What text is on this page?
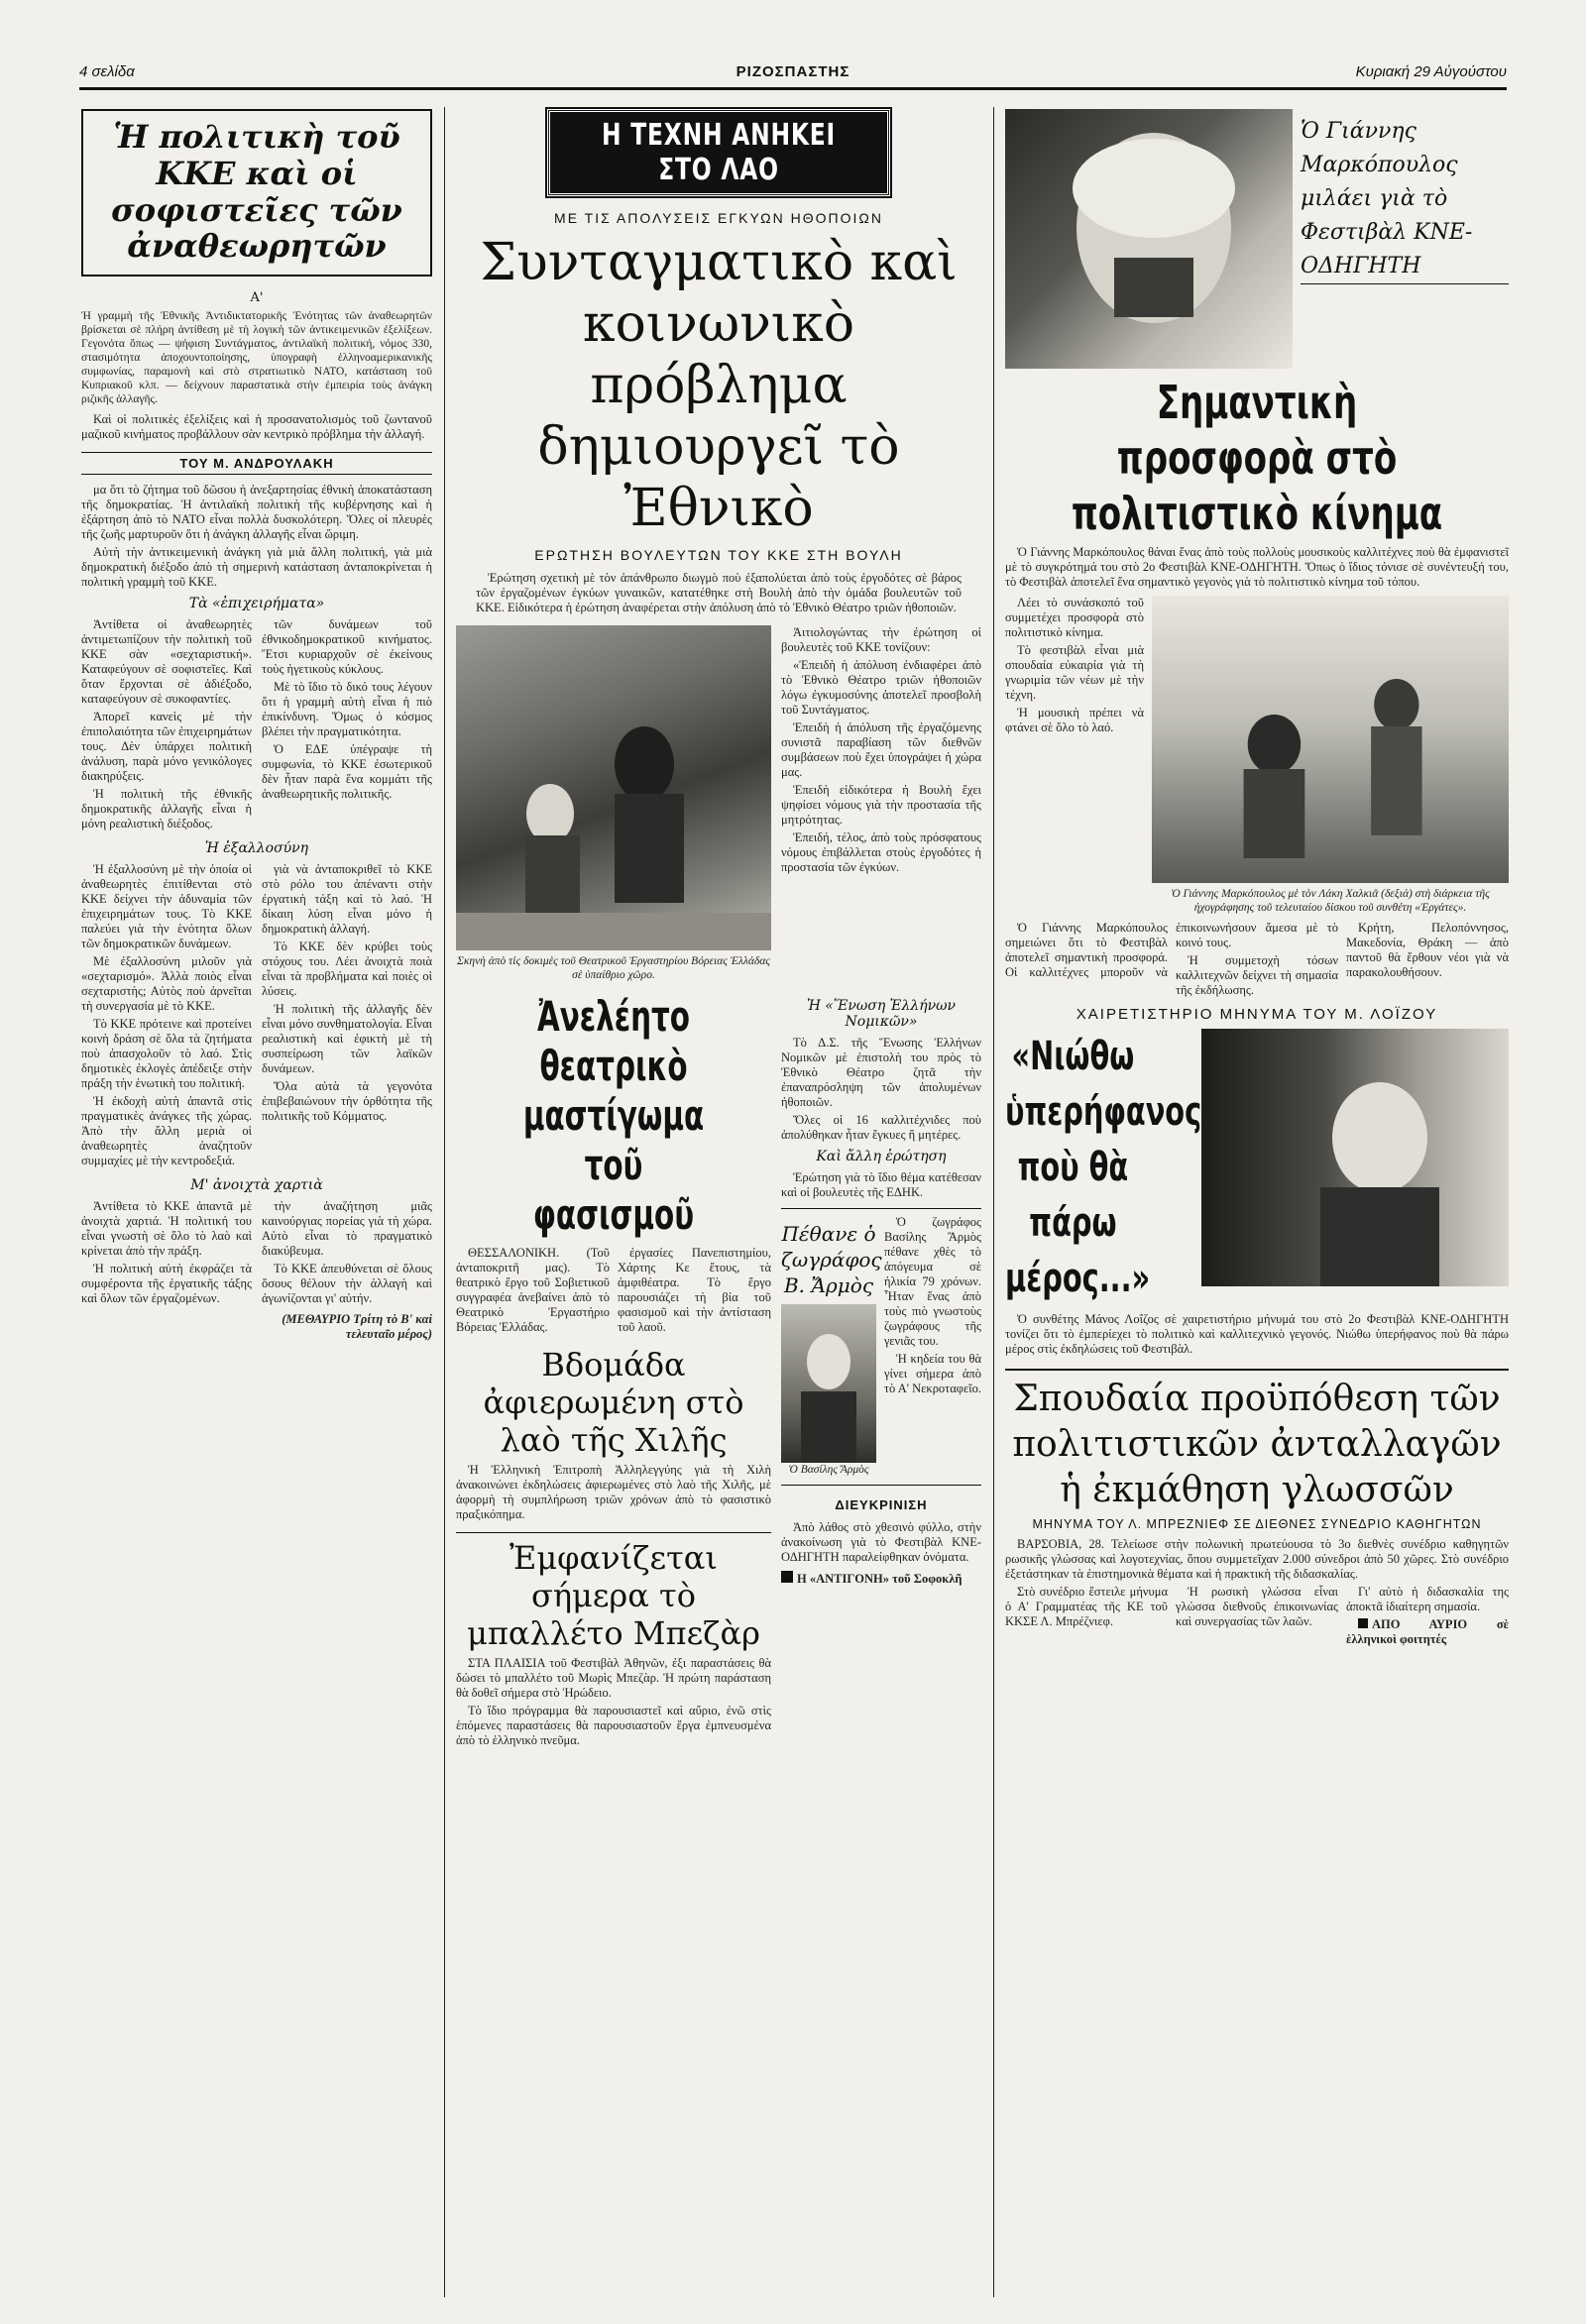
4 σελίδα	ΡΙΖΟΣΠΑΣΤΗΣ	Κυριακή 29 Αὐγούστου
Ἡ πολιτικὴ τοῦ ΚΚΕ καὶ οἱ σοφιστεῖες τῶν ἀναθεωρητῶν
Α'
Ἡ γραμμὴ τῆς Ἐθνικῆς Ἀντιδικτατορικῆς Ἑνότητας τῶν ἀναθεωρητῶν βρίσκεται σὲ πλήρη ἀντίθεση μὲ τὴ λογικὴ τῶν ἀντικειμενικῶν ἐξελίξεων. Γεγονότα ὅπως — ψήφιση Συντάγματος, ἀντιλαϊκή πολιτική, νόμος 330, στασιμότητα ἀποχουντοποίησης, ὑπογραφὴ ἑλληνοαμερικανικῆς συμφωνίας, παραμονὴ καὶ στὸ στρατιωτικὸ ΝΑΤΟ, κατάσταση τοῦ Κυπριακοῦ κλπ. — δείχνουν παραστατικὰ στὴν ἐμπειρία τοὺς ἀνάγκη ριζικῆς ἀλλαγῆς.

Καὶ οἱ πολιτικὲς ἐξελίξεις καὶ ἡ προσανατολισμὸς τοῦ ζωντανοῦ μαζικοῦ κινήματος προβάλλουν σὰν κεντρικὸ πρόβλημα τὴν ἀλλαγή.

ΤΟΥ Μ. ΑΝΔΡΟΥΛΑΚΗ

μα ὅτι τὸ ζήτημα τοῦ δῶσου ἡ ἀνεξαρτησίας ἐθνικὴ ἀποκατάσταση τῆς δημοκρατίας. Ἡ ἀντιλαϊκὴ πολιτικὴ τῆς κυβέρνησης καὶ ἡ ἐξάρτηση ἀπὸ τὸ ΝΑΤΟ εἶναι πολλὰ δυσκολότερη. Ὅλες οἱ πλευρὲς τῆς ζωῆς μαρτυροῦν ὅτι ἡ ἀνάγκη ἀλλαγῆς εἶναι ὥριμη.

Αὐτὴ τὴν ἀντικειμενικὴ ἀνάγκη γιὰ μιὰ ἄλλη πολιτική, γιὰ μιὰ δημοκρατικὴ διέξοδο ἀπὸ τὴ σημερινὴ κατάσταση ἀνταποκρίνεται ἡ πολιτικὴ γραμμὴ τοῦ ΚΚΕ.

Τὰ «ἐπιχειρήματα»

Ἀντίθετα οἱ ἀναθεωρητὲς ἀντιμετωπίζουν τὴν πολιτικὴ τοῦ ΚΚΕ σὰν «σεχταριστική». Καταφεύγουν σὲ σοφιστεῖες. Καὶ ὅταν ἔρχονται σὲ ἀδιέξοδο, καταφεύγουν σὲ συκοφαντίες.

Ἀπορεῖ κανεὶς μὲ τὴν ἐπιπολαιότητα τῶν ἐπιχειρημάτων τους. Δὲν ὑπάρχει πολιτικὴ ἀνάλυση, παρὰ μόνο γενικόλογες διακηρύξεις.

Ἡ πολιτικὴ τῆς ἐθνικῆς δημοκρατικῆς ἀλλαγῆς εἶναι ἡ μόνη ρεαλιστικὴ διέξοδος.

τῶν δυνάμεων τοῦ ἐθνικοδημοκρατικοῦ κινήματος. Ἔτσι κυριαρχοῦν σὲ ἐκείνους τοὺς ἡγετικοὺς κύκλους.

Μὲ τὸ ἴδιο τὸ δικό τους λέγουν ὅτι ἡ γραμμὴ αὐτὴ εἶναι ἡ πιὸ ἐπικίνδυνη. Ὅμως ὁ κόσμος βλέπει τὴν πραγματικότητα.

Ὁ ΕΔΕ ὑπέγραψε τὴ συμφωνία, τὸ ΚΚΕ ἐσωτερικοῦ δὲν ἦταν παρὰ ἕνα κομμάτι τῆς ἀναθεωρητικῆς πολιτικῆς.

Ἡ ἐξαλλοσύνη

Ἡ ἐξαλλοσύνη μὲ τὴν ὁποία οἱ ἀναθεωρητὲς ἐπιτίθενται στὸ ΚΚΕ δείχνει τὴν ἀδυναμία τῶν ἐπιχειρημάτων τους. Τὸ ΚΚΕ παλεύει γιὰ τὴν ἑνότητα ὅλων τῶν δημοκρατικῶν δυνάμεων.

Μὲ ἐξαλλοσύνη μιλοῦν γιὰ «σεχταρισμό». Ἀλλὰ ποιὸς εἶναι σεχταριστὴς; Αὐτὸς ποὺ ἀρνεῖται τὴ συνεργασία μὲ τὸ ΚΚΕ.

Τὸ ΚΚΕ πρότεινε καὶ προτείνει κοινὴ δράση σὲ ὅλα τὰ ζητήματα ποὺ ἀπασχολοῦν τὸ λαό. Στὶς δημοτικὲς ἐκλογὲς ἀπέδειξε στὴν πράξη τὴν ἑνωτικὴ του πολιτική.

Ἡ ἐκδοχὴ αὐτὴ ἀπαντᾶ στὶς πραγματικὲς ἀνάγκες τῆς χώρας. Ἀπὸ τὴν ἄλλη μεριὰ οἱ ἀναθεωρητὲς ἀναζητοῦν συμμαχίες μὲ τὴν κεντροδεξιά.

γιὰ νὰ ἀνταποκριθεῖ τὸ ΚΚΕ στὸ ρόλο του ἀπέναντι στὴν ἐργατικὴ τάξη καὶ τὸ λαό. Ἡ δίκαιη λύση εἶναι μόνο ἡ δημοκρατικὴ ἀλλαγή.

Τὸ ΚΚΕ δὲν κρύβει τοὺς στόχους του. Λέει ἀνοιχτὰ ποιὰ εἶναι τὰ προβλήματα καὶ ποιὲς οἱ λύσεις.

Ἡ πολιτικὴ τῆς ἀλλαγῆς δὲν εἶναι μόνο συνθηματολογία. Εἶναι ρεαλιστικὴ καὶ ἐφικτὴ μὲ τὴ συσπείρωση τῶν λαϊκῶν δυνάμεων.

Ὅλα αὐτὰ τὰ γεγονότα ἐπιβεβαιώνουν τὴν ὀρθότητα τῆς πολιτικῆς τοῦ Κόμματος.

Μ' ἀνοιχτὰ χαρτιὰ

Ἀντίθετα τὸ ΚΚΕ ἀπαντᾶ μὲ ἀνοιχτὰ χαρτιά. Ἡ πολιτική του εἶναι γνωστὴ σὲ ὅλο τὸ λαὸ καὶ κρίνεται ἀπὸ τὴν πράξη.

Ἡ πολιτικὴ αὐτὴ ἐκφράζει τὰ συμφέροντα τῆς ἐργατικῆς τάξης καὶ ὅλων τῶν ἐργαζομένων.

τὴν ἀναζήτηση μιᾶς καινούργιας πορείας γιὰ τὴ χώρα. Αὐτὸ εἶναι τὸ πραγματικὸ διακύβευμα.

Τὸ ΚΚΕ ἀπευθύνεται σὲ ὅλους ὅσους θέλουν τὴν ἀλλαγὴ καὶ ἀγωνίζονται γι' αὐτήν.

(ΜΕΘΑΥΡΙΟ Τρίτη τὸ Β' καὶ τελευταῖο μέρος)
Η ΤΕΧΝΗ ΑΝΗΚΕΙ ΣΤΟ ΛΑΟ
ΜΕ ΤΙΣ ΑΠΟΛΥΣΕΙΣ ΕΓΚΥΩΝ ΗΘΟΠΟΙΩΝ
Συνταγματικὸ καὶ κοινωνικὸ πρόβλημα δημιουργεῖ τὸ Ἐθνικὸ
ΕΡΩΤΗΣΗ ΒΟΥΛΕΥΤΩΝ ΤΟΥ ΚΚΕ ΣΤΗ ΒΟΥΛΗ

Ἐρώτηση σχετικὴ μὲ τὸν ἀπάνθρωπο διωγμὸ ποὺ ἐξαπολύεται ἀπὸ τοὺς ἐργοδότες σὲ βάρος τῶν ἐργαζομένων ἐγκύων γυναικῶν, κατατέθηκε στὴ Βουλὴ ἀπὸ τὴν ὁμάδα βουλευτῶν τοῦ ΚΚΕ. Εἰδικότερα ἡ ἐρώτηση ἀναφέρεται στὴν ἀπόλυση ἀπὸ τὸ Ἐθνικὸ Θέατρο τριῶν ἠθοποιῶν.

Σκηνὴ ἀπὸ τὶς δοκιμὲς τοῦ Θεατρικοῦ Ἐργαστηρίου Βόρειας Ἑλλάδας σὲ ὑπαίθριο χῶρο.

Ἀιτιολογώντας τὴν ἐρώτηση οἱ βουλευτὲς τοῦ ΚΚΕ τονίζουν:

«Ἐπειδὴ ἡ ἀπόλυση ἐνδιαφέρει ἀπὸ τὸ Ἐθνικὸ Θέατρο τριῶν ἠθοποιῶν λόγω ἐγκυμοσύνης ἀποτελεῖ προσβολὴ τοῦ Συντάγματος.

Ἐπειδὴ ἡ ἀπόλυση τῆς ἐργαζόμενης συνιστᾶ παραβίαση τῶν διεθνῶν συμβάσεων ποὺ ἔχει ὑπογράψει ἡ χώρα μας.

Ἐπειδὴ εἰδικότερα ἡ Βουλὴ ἔχει ψηφίσει νόμους γιὰ τὴν προστασία τῆς μητρότητας.

Ἐπειδή, τέλος, ἀπὸ τοὺς πρόσφατους νόμους ἐπιβάλλεται στοὺς ἐργοδότες ἡ προστασία τῶν ἐγκύων.

Ἀνελέητο θεατρικὸ μαστίγωμα τοῦ φασισμοῦ

ΘΕΣΣΑΛΟΝΙΚΗ. (Τοῦ ἀνταποκριτῆ μας). Τὸ θεατρικὸ ἔργο τοῦ Σοβιετικοῦ συγγραφέα ἀνεβαίνει ἀπὸ τὸ Θεατρικὸ Ἐργαστήριο Βόρειας Ἑλλάδας.

ἐργασίες Πανεπιστημίου, Χάρτης Κε ἔτους, τὰ ἀμφιθέατρα. Τὸ ἔργο παρουσιάζει τὴ βία τοῦ φασισμοῦ καὶ τὴν ἀντίσταση τοῦ λαοῦ.

Βδομάδα ἀφιερωμένη στὸ λαὸ τῆς Χιλῆς

Ἡ Ἑλληνικὴ Ἐπιτροπὴ Ἀλληλεγγύης γιὰ τὴ Χιλὴ ἀνακοινώνει ἐκδηλώσεις ἀφιερωμένες στὸ λαὸ τῆς Χιλῆς, μὲ ἀφορμὴ τὴ συμπλήρωση τριῶν χρόνων ἀπὸ τὸ φασιστικὸ πραξικόπημα.

Ἐμφανίζεται σήμερα τὸ μπαλλέτο Μπεζὰρ

ΣΤΑ ΠΛΑΙΣΙΑ τοῦ Φεστιβὰλ Ἀθηνῶν, ἐξι παραστάσεις θὰ δώσει τὸ μπαλλέτο τοῦ Μωρὶς Μπεζὰρ. Ἡ πρώτη παράσταση θὰ δοθεῖ σήμερα στὸ Ἡρώδειο.

Τὸ ἴδιο πρόγραμμα θὰ παρουσιαστεῖ καὶ αὔριο, ἐνῶ στὶς ἑπόμενες παραστάσεις θὰ παρουσιαστοῦν ἔργα ἐμπνευσμένα ἀπὸ τὸ ἑλληνικὸ πνεῦμα.

Ἡ «Ἕνωση Ἑλλήνων Νομικῶν»

Τὸ Δ.Σ. τῆς Ἕνωσης Ἑλλήνων Νομικῶν μὲ ἐπιστολὴ του πρὸς τὸ Ἐθνικὸ Θέατρο ζητᾶ τὴν ἐπαναπρόσληψη τῶν ἀπολυμένων ἠθοποιῶν.

Ὅλες οἱ 16 καλλιτέχνιδες ποὺ ἀπολύθηκαν ἦταν ἔγκυες ἢ μητέρες.

Καὶ ἄλλη ἐρώτηση

Ἐρώτηση γιὰ τὸ ἴδιο θέμα κατέθεσαν καὶ οἱ βουλευτὲς τῆς ΕΔΗΚ.

Πέθανε ὁ ζωγράφος Β. Ἄρμὸς
Ὁ Βασίλης Ἄρμὸς

Ὁ ζωγράφος Βασίλης Ἄρμὸς πέθανε χθὲς τὸ ἀπόγευμα σὲ ἡλικία 79 χρόνων. Ἦταν ἕνας ἀπὸ τοὺς πιὸ γνωστοὺς ζωγράφους τῆς γενιᾶς του.

Ἡ κηδεία του θὰ γίνει σήμερα ἀπὸ τὸ Α' Νεκροταφεῖο.

ΔΙΕΥΚΡΙΝΙΣΗ

Ἀπὸ λάθος στὸ χθεσινὸ φύλλο, στὴν ἀνακοίνωση γιὰ τὸ Φεστιβὰλ ΚΝΕ-ΟΔΗΓΗΤΗ παραλείφθηκαν ὀνόματα.

Η «ΑΝΤΙΓΟΝΗ» τοῦ Σοφοκλῆ
Ὁ Γιάννης Μαρκόπουλος μιλάει γιὰ τὸ Φεστιβὰλ ΚΝΕ-ΟΔΗΓΗΤΗ
Σημαντικὴ προσφορὰ στὸ πολιτιστικὸ κίνημα

Ὁ Γιάννης Μαρκόπουλος θάναι ἕνας ἀπὸ τοὺς πολλοὺς μουσικοὺς καλλιτέχνες ποὺ θὰ ἐμφανιστεῖ μὲ τὸ συγκρότημά του στὸ 2ο Φεστιβὰλ ΚΝΕ-ΟΔΗΓΗΤΗ. Ὅπως ὁ ἴδιος τόνισε σὲ συνέντευξή του, τὸ Φεστιβὰλ ἀποτελεῖ ἕνα σημαντικὸ γεγονὸς γιὰ τὸ πολιτιστικὸ κίνημα τοῦ τόπου.

Λέει τὸ συνάσκοπό τοῦ συμμετέχει προσφορὰ στὸ πολιτιστικὸ κίνημα.

Τὸ φεστιβὰλ εἶναι μιὰ σπουδαία εὐκαιρία γιὰ τὴ γνωριμία τῶν νέων μὲ τὴν τέχνη.

Ἡ μουσικὴ πρέπει νὰ φτάνει σὲ ὅλο τὸ λαό.

Ὁ Γιάννης Μαρκόπουλος μὲ τὸν Λάκη Χαλκιᾶ (δεξιά) στὴ διάρκεια τῆς ἠχογράφησης τοῦ τελευταίου δίσκου τοῦ συνθέτη «Ἐργάτες».

Ὁ Γιάννης Μαρκόπουλος σημειώνει ὅτι τὸ Φεστιβὰλ ἀποτελεῖ σημαντικὴ προσφορά. Οἱ καλλιτέχνες μποροῦν νὰ ἐπικοινωνήσουν ἄμεσα μὲ τὸ κοινό τους.

Ἡ συμμετοχὴ τόσων καλλιτεχνῶν δείχνει τὴ σημασία τῆς ἐκδήλωσης.

Κρήτη, Πελοπόννησος, Μακεδονία, Θράκη — ἀπὸ παντοῦ θὰ ἔρθουν νέοι γιὰ νὰ παρακολουθήσουν.

ΧΑΙΡΕΤΙΣΤΗΡΙΟ ΜΗΝΥΜΑ ΤΟΥ Μ. ΛΟΪΖΟΥ
«Νιώθω ὑπερήφανος ποὺ θὰ πάρω μέρος...»

Ὁ συνθέτης Μάνος Λοΐζος σὲ χαιρετιστήριο μήνυμά του στὸ 2ο Φεστιβὰλ ΚΝΕ-ΟΔΗΓΗΤΗ τονίζει ὅτι τὸ ἐμπερίεχει τὸ πολιτικὸ καὶ καλλιτεχνικὸ γεγονός. Νιώθω ὑπερήφανος ποὺ θὰ πάρω μέρος στὶς ἐκδηλώσεις τοῦ Φεστιβὰλ.

Σπουδαία προϋπόθεση τῶν πολιτιστικῶν ἀνταλλαγῶν ἡ ἐκμάθηση γλωσσῶν
ΜΗΝΥΜΑ ΤΟΥ Λ. ΜΠΡΕΖΝΙΕΦ ΣΕ ΔΙΕΘΝΕΣ ΣΥΝΕΔΡΙΟ ΚΑΘΗΓΗΤΩΝ

ΒΑΡΣΟΒΙΑ, 28. Τελείωσε στὴν πολωνικὴ πρωτεύουσα τὸ 3ο διεθνὲς συνέδριο καθηγητῶν ρωσικῆς γλώσσας καὶ λογοτεχνίας, ὅπου συμμετεῖχαν 2.000 σύνεδροι ἀπὸ 50 χῶρες. Στὸ συνέδριο ἐξετάστηκαν τὰ ἐπιστημονικὰ θέματα καὶ ἡ πρακτικὴ τῆς διδασκαλίας.

Στὸ συνέδριο ἔστειλε μήνυμα ὁ Α' Γραμματέας τῆς ΚΕ τοῦ ΚΚΣΕ Λ. Μπρέζνιεφ.

Ἡ ρωσικὴ γλώσσα εἶναι γλώσσα διεθνοῦς ἐπικοινωνίας καὶ συνεργασίας τῶν λαῶν.

Γι' αὐτὸ ἡ διδασκαλία της ἀποκτᾶ ἰδιαίτερη σημασία.

ΑΠΟ ΑΥΡΙΟ σὲ ἑλληνικοὶ φοιτητές
